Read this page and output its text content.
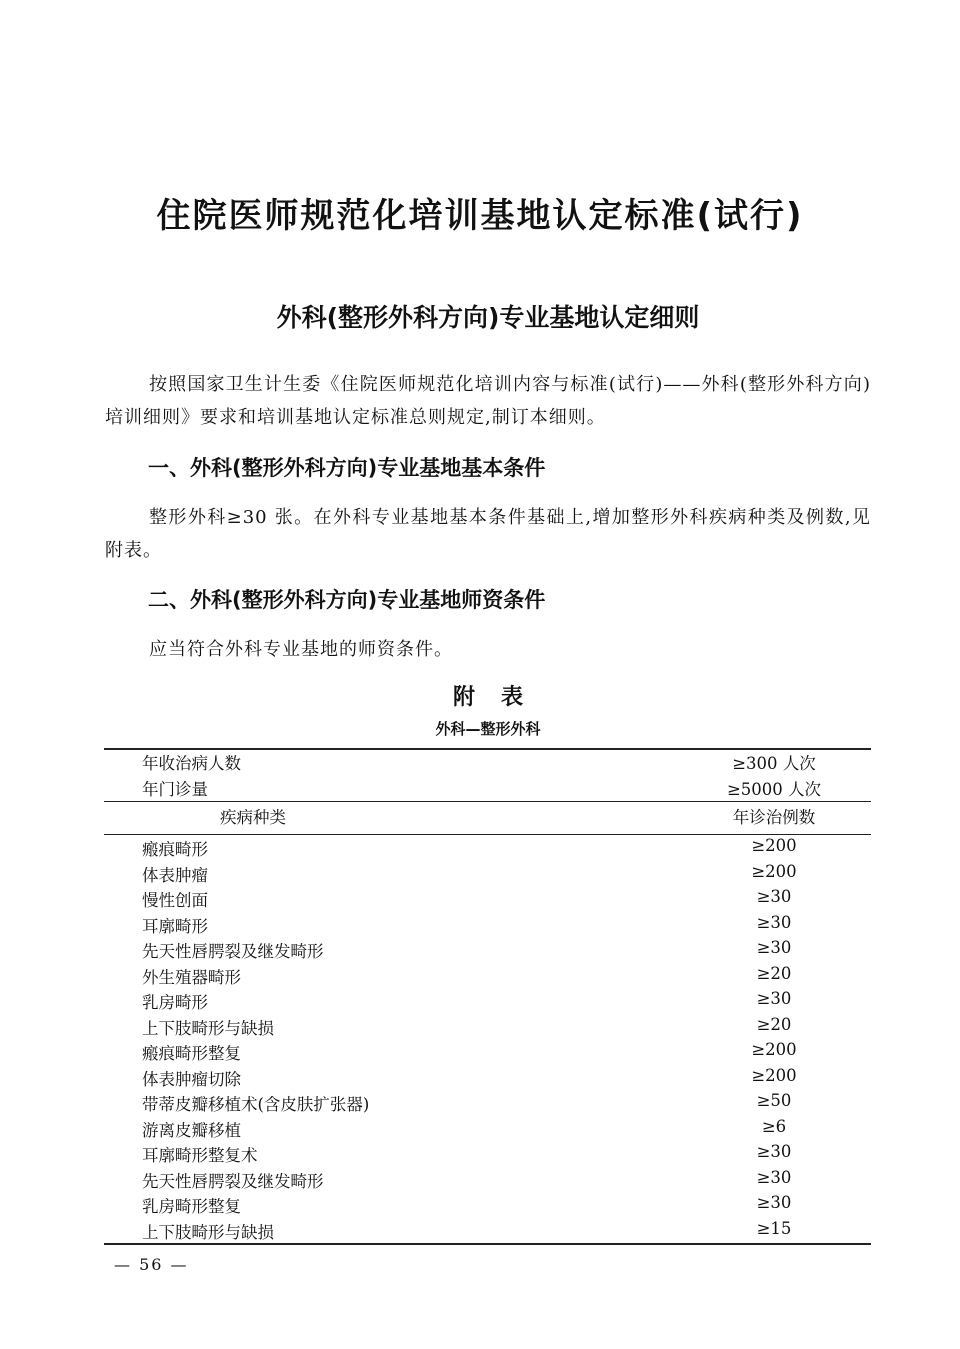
住院医师规范化培训基地认定标准(试行)
外科(整形外科方向)专业基地认定细则
按照国家卫生计生委《住院医师规范化培训内容与标准(试行)——外科(整形外科方向)培训细则》要求和培训基地认定标准总则规定,制订本细则。
一、外科(整形外科方向)专业基地基本条件
整形外科≥30 张。在外科专业基地基本条件基础上,增加整形外科疾病种类及例数,见附表。
二、外科(整形外科方向)专业基地师资条件
应当符合外科专业基地的师资条件。
附表
外科—整形外科
年收治病人数	≥300 人次
年门诊量	≥5000 人次
疾病种类	年诊治例数
瘢痕畸形	≥200
体表肿瘤	≥200
慢性创面	≥30
耳廓畸形	≥30
先天性唇腭裂及继发畸形	≥30
外生殖器畸形	≥20
乳房畸形	≥30
上下肢畸形与缺损	≥20
瘢痕畸形整复	≥200
体表肿瘤切除	≥200
带蒂皮瓣移植术(含皮肤扩张器)	≥50
游离皮瓣移植	≥6
耳廓畸形整复术	≥30
先天性唇腭裂及继发畸形	≥30
乳房畸形整复	≥30
上下肢畸形与缺损	≥15
— 56 —
